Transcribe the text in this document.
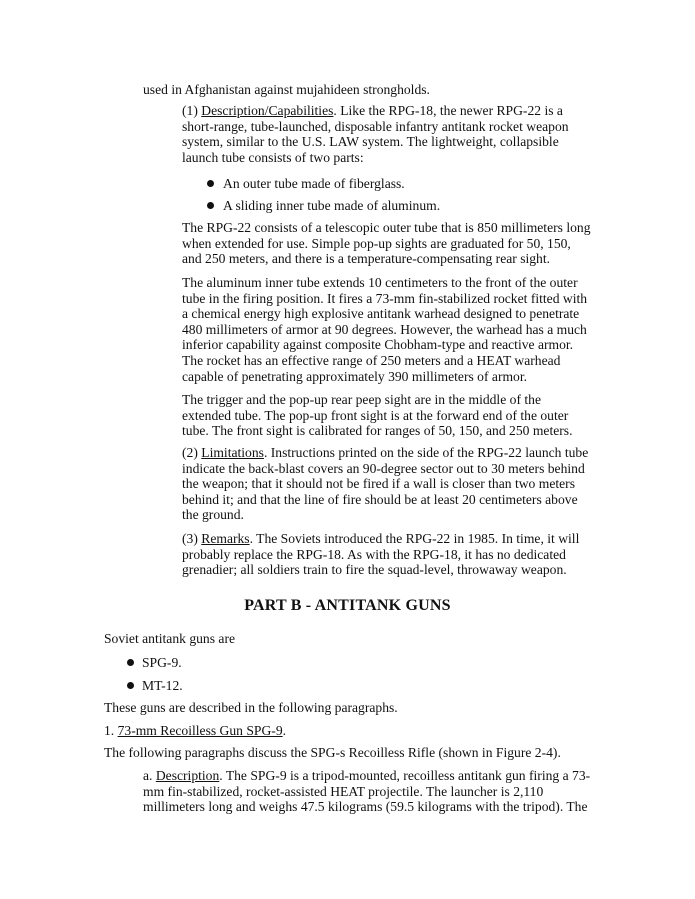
used in Afghanistan against mujahideen strongholds.

(1) Description/Capabilities. Like the RPG-18, the newer RPG-22 is a
short-range, tube-launched, disposable infantry antitank rocket weapon
system, similar to the U.S. LAW system. The lightweight, collapsible
launch tube consists of two parts:
An outer tube made of fiberglass.
A sliding inner tube made of aluminum.
The RPG-22 consists of a telescopic outer tube that is 850 millimeters long
when extended for use. Simple pop-up sights are graduated for 50, 150,
and 250 meters, and there is a temperature-compensating rear sight.
The aluminum inner tube extends 10 centimeters to the front of the outer
tube in the firing position. It fires a 73-mm fin-stabilized rocket fitted with
a chemical energy high explosive antitank warhead designed to penetrate
480 millimeters of armor at 90 degrees. However, the warhead has a much
inferior capability against composite Chobham-type and reactive armor.
The rocket has an effective range of 250 meters and a HEAT warhead
capable of penetrating approximately 390 millimeters of armor.
The trigger and the pop-up rear peep sight are in the middle of the
extended tube. The pop-up front sight is at the forward end of the outer
tube. The front sight is calibrated for ranges of 50, 150, and 250 meters.
(2) Limitations. Instructions printed on the side of the RPG-22 launch tube
indicate the back-blast covers an 90-degree sector out to 30 meters behind
the weapon; that it should not be fired if a wall is closer than two meters
behind it; and that the line of fire should be at least 20 centimeters above
the ground.
(3) Remarks. The Soviets introduced the RPG-22 in 1985. In time, it will
probably replace the RPG-18. As with the RPG-18, it has no dedicated
grenadier; all soldiers train to fire the squad-level, throwaway weapon.
PART B - ANTITANK GUNS

Soviet antitank guns are

SPG-9.
MT-12.

These guns are described in the following paragraphs.

1. 73-mm Recoilless Gun SPG-9.

The following paragraphs discuss the SPG-s Recoilless Rifle (shown in Figure 2-4).

a. Description. The SPG-9 is a tripod-mounted, recoilless antitank gun firing a 73-
mm fin-stabilized, rocket-assisted HEAT projectile. The launcher is 2,110
millimeters long and weighs 47.5 kilograms (59.5 kilograms with the tripod). The
